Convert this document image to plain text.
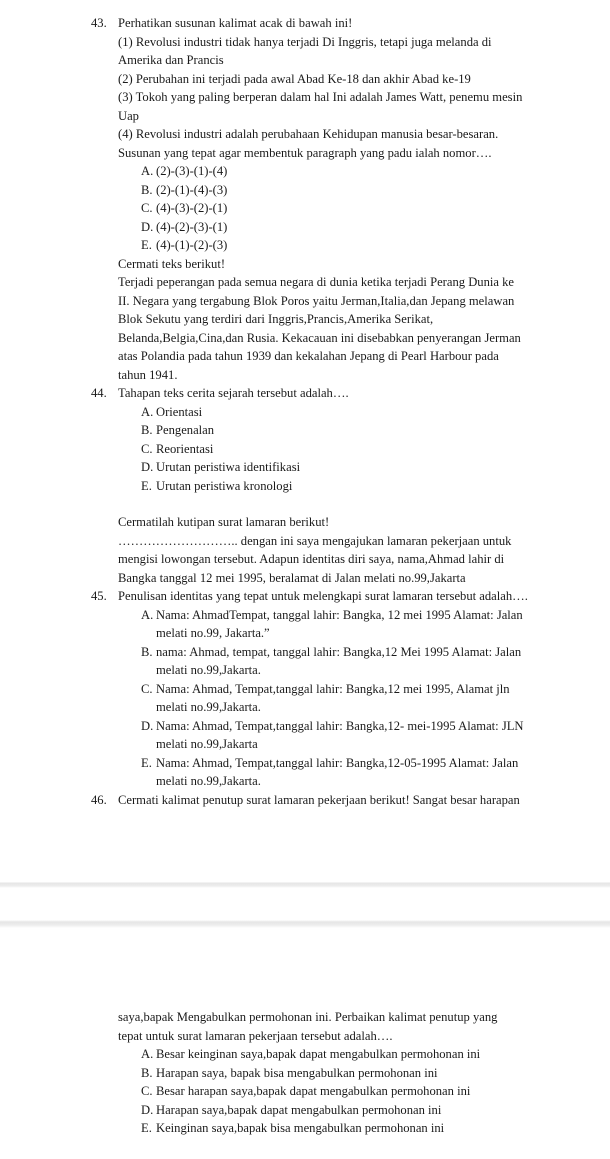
43. Perhatikan susunan kalimat acak di bawah ini!
(1) Revolusi industri tidak hanya terjadi Di Inggris, tetapi juga melanda di Amerika dan Prancis
(2) Perubahan ini terjadi pada awal Abad Ke-18 dan akhir Abad ke-19
(3) Tokoh yang paling berperan dalam hal Ini adalah James Watt, penemu mesin Uap
(4) Revolusi industri adalah perubahaan Kehidupan manusia besar-besaran.
Susunan yang tepat agar membentuk paragraph yang padu ialah nomor….
A. (2)-(3)-(1)-(4)
B. (2)-(1)-(4)-(3)
C. (4)-(3)-(2)-(1)
D. (4)-(2)-(3)-(1)
E. (4)-(1)-(2)-(3)
Cermati teks berikut!
Terjadi peperangan pada semua negara di dunia ketika terjadi Perang Dunia ke II. Negara yang tergabung Blok Poros yaitu Jerman,Italia,dan Jepang melawan Blok Sekutu yang terdiri dari Inggris,Prancis,Amerika Serikat, Belanda,Belgia,Cina,dan Rusia. Kekacauan ini disebabkan penyerangan Jerman atas Polandia pada tahun 1939 dan kekalahan Jepang di Pearl Harbour pada tahun 1941.
44. Tahapan teks cerita sejarah tersebut adalah….
A. Orientasi
B. Pengenalan
C. Reorientasi
D. Urutan peristiwa identifikasi
E. Urutan peristiwa kronologi
Cermatilah kutipan surat lamaran berikut!
……………………….. dengan ini saya mengajukan lamaran pekerjaan untuk mengisi lowongan tersebut. Adapun identitas diri saya, nama,Ahmad lahir di Bangka tanggal 12 mei 1995, beralamat di Jalan melati no.99,Jakarta
45. Penulisan identitas yang tepat untuk melengkapi surat lamaran tersebut adalah….
A. Nama: AhmadTempat, tanggal lahir: Bangka, 12 mei 1995 Alamat: Jalan melati no.99, Jakarta.”
B. nama: Ahmad, tempat, tanggal lahir: Bangka,12 Mei 1995 Alamat: Jalan melati no.99,Jakarta.
C. Nama: Ahmad, Tempat,tanggal lahir: Bangka,12 mei 1995, Alamat jln melati no.99,Jakarta.
D. Nama: Ahmad, Tempat,tanggal lahir: Bangka,12- mei-1995 Alamat: JLN melati no.99,Jakarta
E. Nama: Ahmad, Tempat,tanggal lahir: Bangka,12-05-1995 Alamat: Jalan melati no.99,Jakarta.
46. Cermati kalimat penutup surat lamaran pekerjaan berikut! Sangat besar harapan
saya,bapak Mengabulkan permohonan ini. Perbaikan kalimat penutup yang tepat untuk surat lamaran pekerjaan tersebut adalah….
A. Besar keinginan saya,bapak dapat mengabulkan permohonan ini
B. Harapan saya, bapak bisa mengabulkan permohonan ini
C. Besar harapan saya,bapak dapat mengabulkan permohonan ini
D. Harapan saya,bapak dapat mengabulkan permohonan ini
E. Keinginan saya,bapak bisa mengabulkan permohonan ini
